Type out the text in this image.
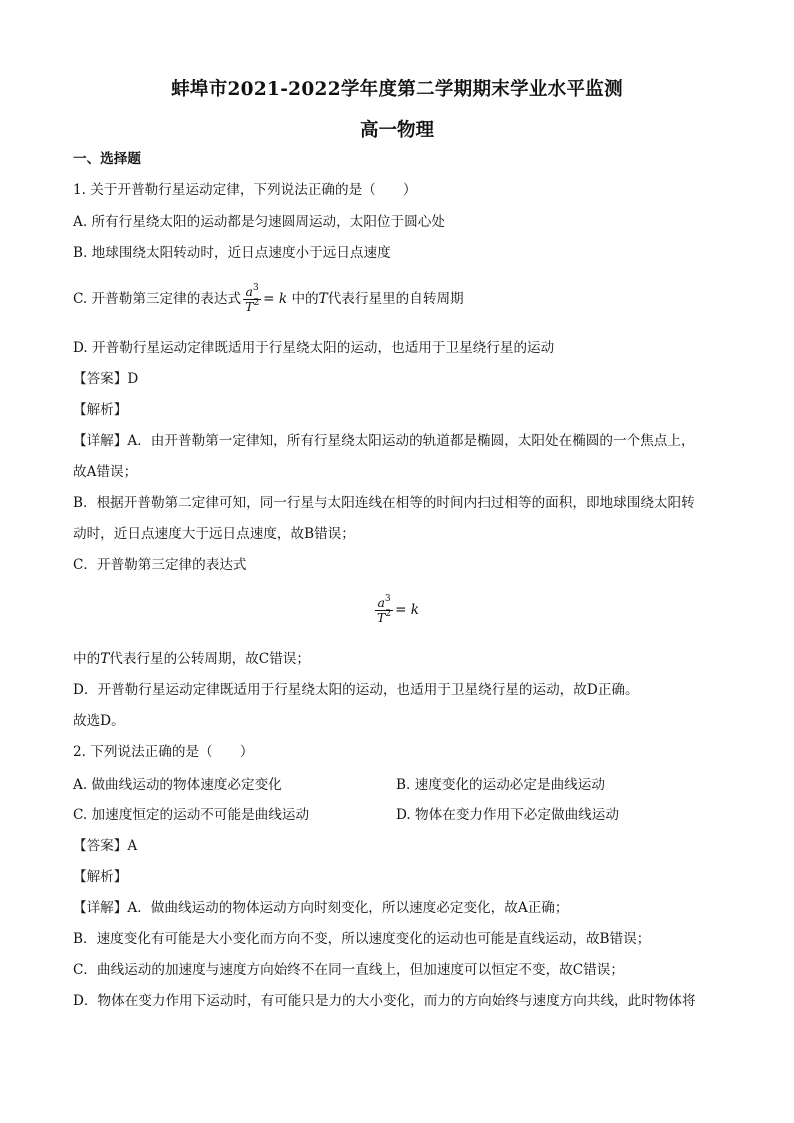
蚌埠市2021-2022学年度第二学期期末学业水平监测
高一物理
一、选择题
1. 关于开普勒行星运动定律，下列说法正确的是（　　）
A. 所有行星绕太阳的运动都是匀速圆周运动，太阳位于圆心处
B. 地球围绕太阳转动时，近日点速度小于远日点速度
C. 开普勒第三定律的表达式 $\frac{a^3}{T^2} = k$ 中的T代表行星里的自转周期
D. 开普勒行星运动定律既适用于行星绕太阳的运动，也适用于卫星绕行星的运动
【答案】D
【解析】
【详解】A．由开普勒第一定律知，所有行星绕太阳运动的轨道都是椭圆，太阳处在椭圆的一个焦点上，
故A错误；
B．根据开普勒第二定律可知，同一行星与太阳连线在相等的时间内扫过相等的面积，即地球围绕太阳转
动时，近日点速度大于远日点速度，故B错误；
C．开普勒第三定律的表达式
$\frac{a^3}{T^2} = k$
中的T代表行星的公转周期，故C错误；
D．开普勒行星运动定律既适用于行星绕太阳的运动，也适用于卫星绕行星的运动，故D正确。
故选D。
2. 下列说法正确的是（　　）
A. 做曲线运动的物体速度必定变化	B. 速度变化的运动必定是曲线运动
C. 加速度恒定的运动不可能是曲线运动	D. 物体在变力作用下必定做曲线运动
【答案】A
【解析】
【详解】A．做曲线运动的物体运动方向时刻变化，所以速度必定变化，故A正确；
B．速度变化有可能是大小变化而方向不变，所以速度变化的运动也可能是直线运动，故B错误；
C．曲线运动的加速度与速度方向始终不在同一直线上，但加速度可以恒定不变，故C错误；
D．物体在变力作用下运动时，有可能只是力的大小变化，而力的方向始终与速度方向共线，此时物体将
